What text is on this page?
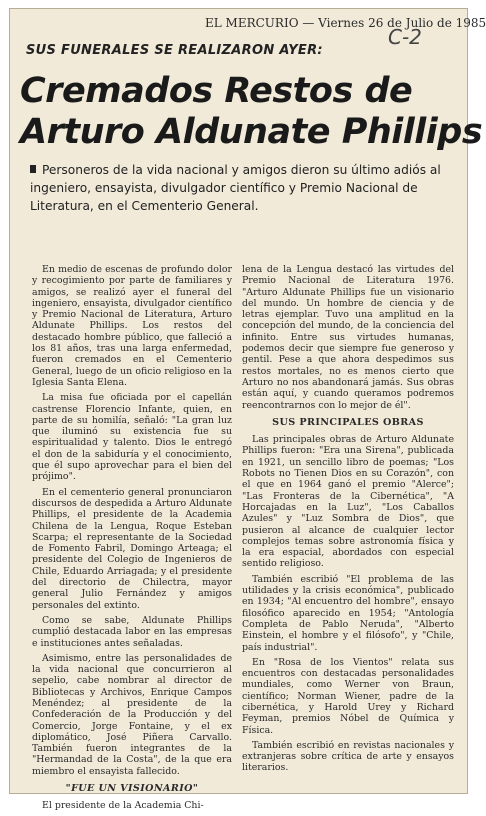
EL MERCURIO — Viernes 26 de Julio de 1985
SUS FUNERALES SE REALIZARON AYER:
C-2
Cremados Restos de
Arturo Aldunate Phillips
Personeros de la vida nacional y amigos dieron su último adiós al ingeniero, ensayista, divulgador científico y Premio Nacional de Literatura, en el Cementerio General.

En medio de escenas de profundo dolor y recogimiento por parte de familiares y amigos, se realizó ayer el funeral del ingeniero, ensayista, divulgador científico y Premio Nacional de Literatura, Arturo Aldunate Phillips. Los restos del destacado hombre público, que falleció a los 81 años, tras una larga enfermedad, fueron cremados en el Cementerio General, luego de un oficio religioso en la Iglesia Santa Elena.

La misa fue oficiada por el capellán castrense Florencio Infante, quien, en parte de su homilía, señaló: "La gran luz que iluminó su existencia fue su espiritualidad y talento. Dios le entregó el don de la sabiduría y el conocimiento, que él supo aprovechar para el bien del prójimo".

En el cementerio general pronunciaron discursos de despedida a Arturo Aldunate Phillips, el presidente de la Academia Chilena de la Lengua, Roque Esteban Scarpa; el representante de la Sociedad de Fomento Fabril, Domingo Arteaga; el presidente del Colegio de Ingenieros de Chile, Eduardo Arriagada; y el presidente del directorio de Chilectra, mayor general Julio Fernández y amigos personales del extinto.

Como se sabe, Aldunate Phillips cumplió destacada labor en las empresas e instituciones antes señaladas.

Asimismo, entre las personalidades de la vida nacional que concurrieron al sepelio, cabe nombrar al director de Bibliotecas y Archivos, Enrique Campos Menéndez; al presidente de la Confederación de la Producción y del Comercio, Jorge Fontaine, y el ex diplomático, José Piñera Carvallo. También fueron integrantes de la "Hermandad de la Costa", de la que era miembro el ensayista fallecido.

"FUE UN VISIONARIO"

El presidente de la Academia Chi-

lena de la Lengua destacó las virtudes del Premio Nacional de Literatura 1976. "Arturo Aldunate Phillips fue un visionario del mundo. Un hombre de ciencia y de letras ejemplar. Tuvo una amplitud en la concepción del mundo, de la conciencia del infinito. Entre sus virtudes humanas, podemos decir que siempre fue generoso y gentil. Pese a que ahora despedimos sus restos mortales, no es menos cierto que Arturo no nos abandonará jamás. Sus obras están aquí, y cuando queramos podremos reencontrarnos con lo mejor de él".

SUS PRINCIPALES OBRAS

Las principales obras de Arturo Aldunate Phillips fueron: "Era una Sirena", publicada en 1921, un sencillo libro de poemas; "Los Robots no Tienen Dios en su Corazón", con el que en 1964 ganó el premio "Alerce"; "Las Fronteras de la Cibernética", "A Horcajadas en la Luz", "Los Caballos Azules" y "Luz Sombra de Dios", que pusieron al alcance de cualquier lector complejos temas sobre astronomía física y la era espacial, abordados con especial sentido religioso.

También escribió "El problema de las utilidades y la crisis económica", publicado en 1934; "Al encuentro del hombre", ensayo filosófico aparecido en 1954; "Antología Completa de Pablo Neruda", "Alberto Einstein, el hombre y el filósofo", y "Chile, país industrial".

En "Rosa de los Vientos" relata sus encuentros con destacadas personalidades mundiales, como Werner von Braun, científico; Norman Wiener, padre de la cibernética, y Harold Urey y Richard Feyman, premios Nóbel de Química y Física.

También escribió en revistas nacionales y extranjeras sobre crítica de arte y ensayos literarios.
